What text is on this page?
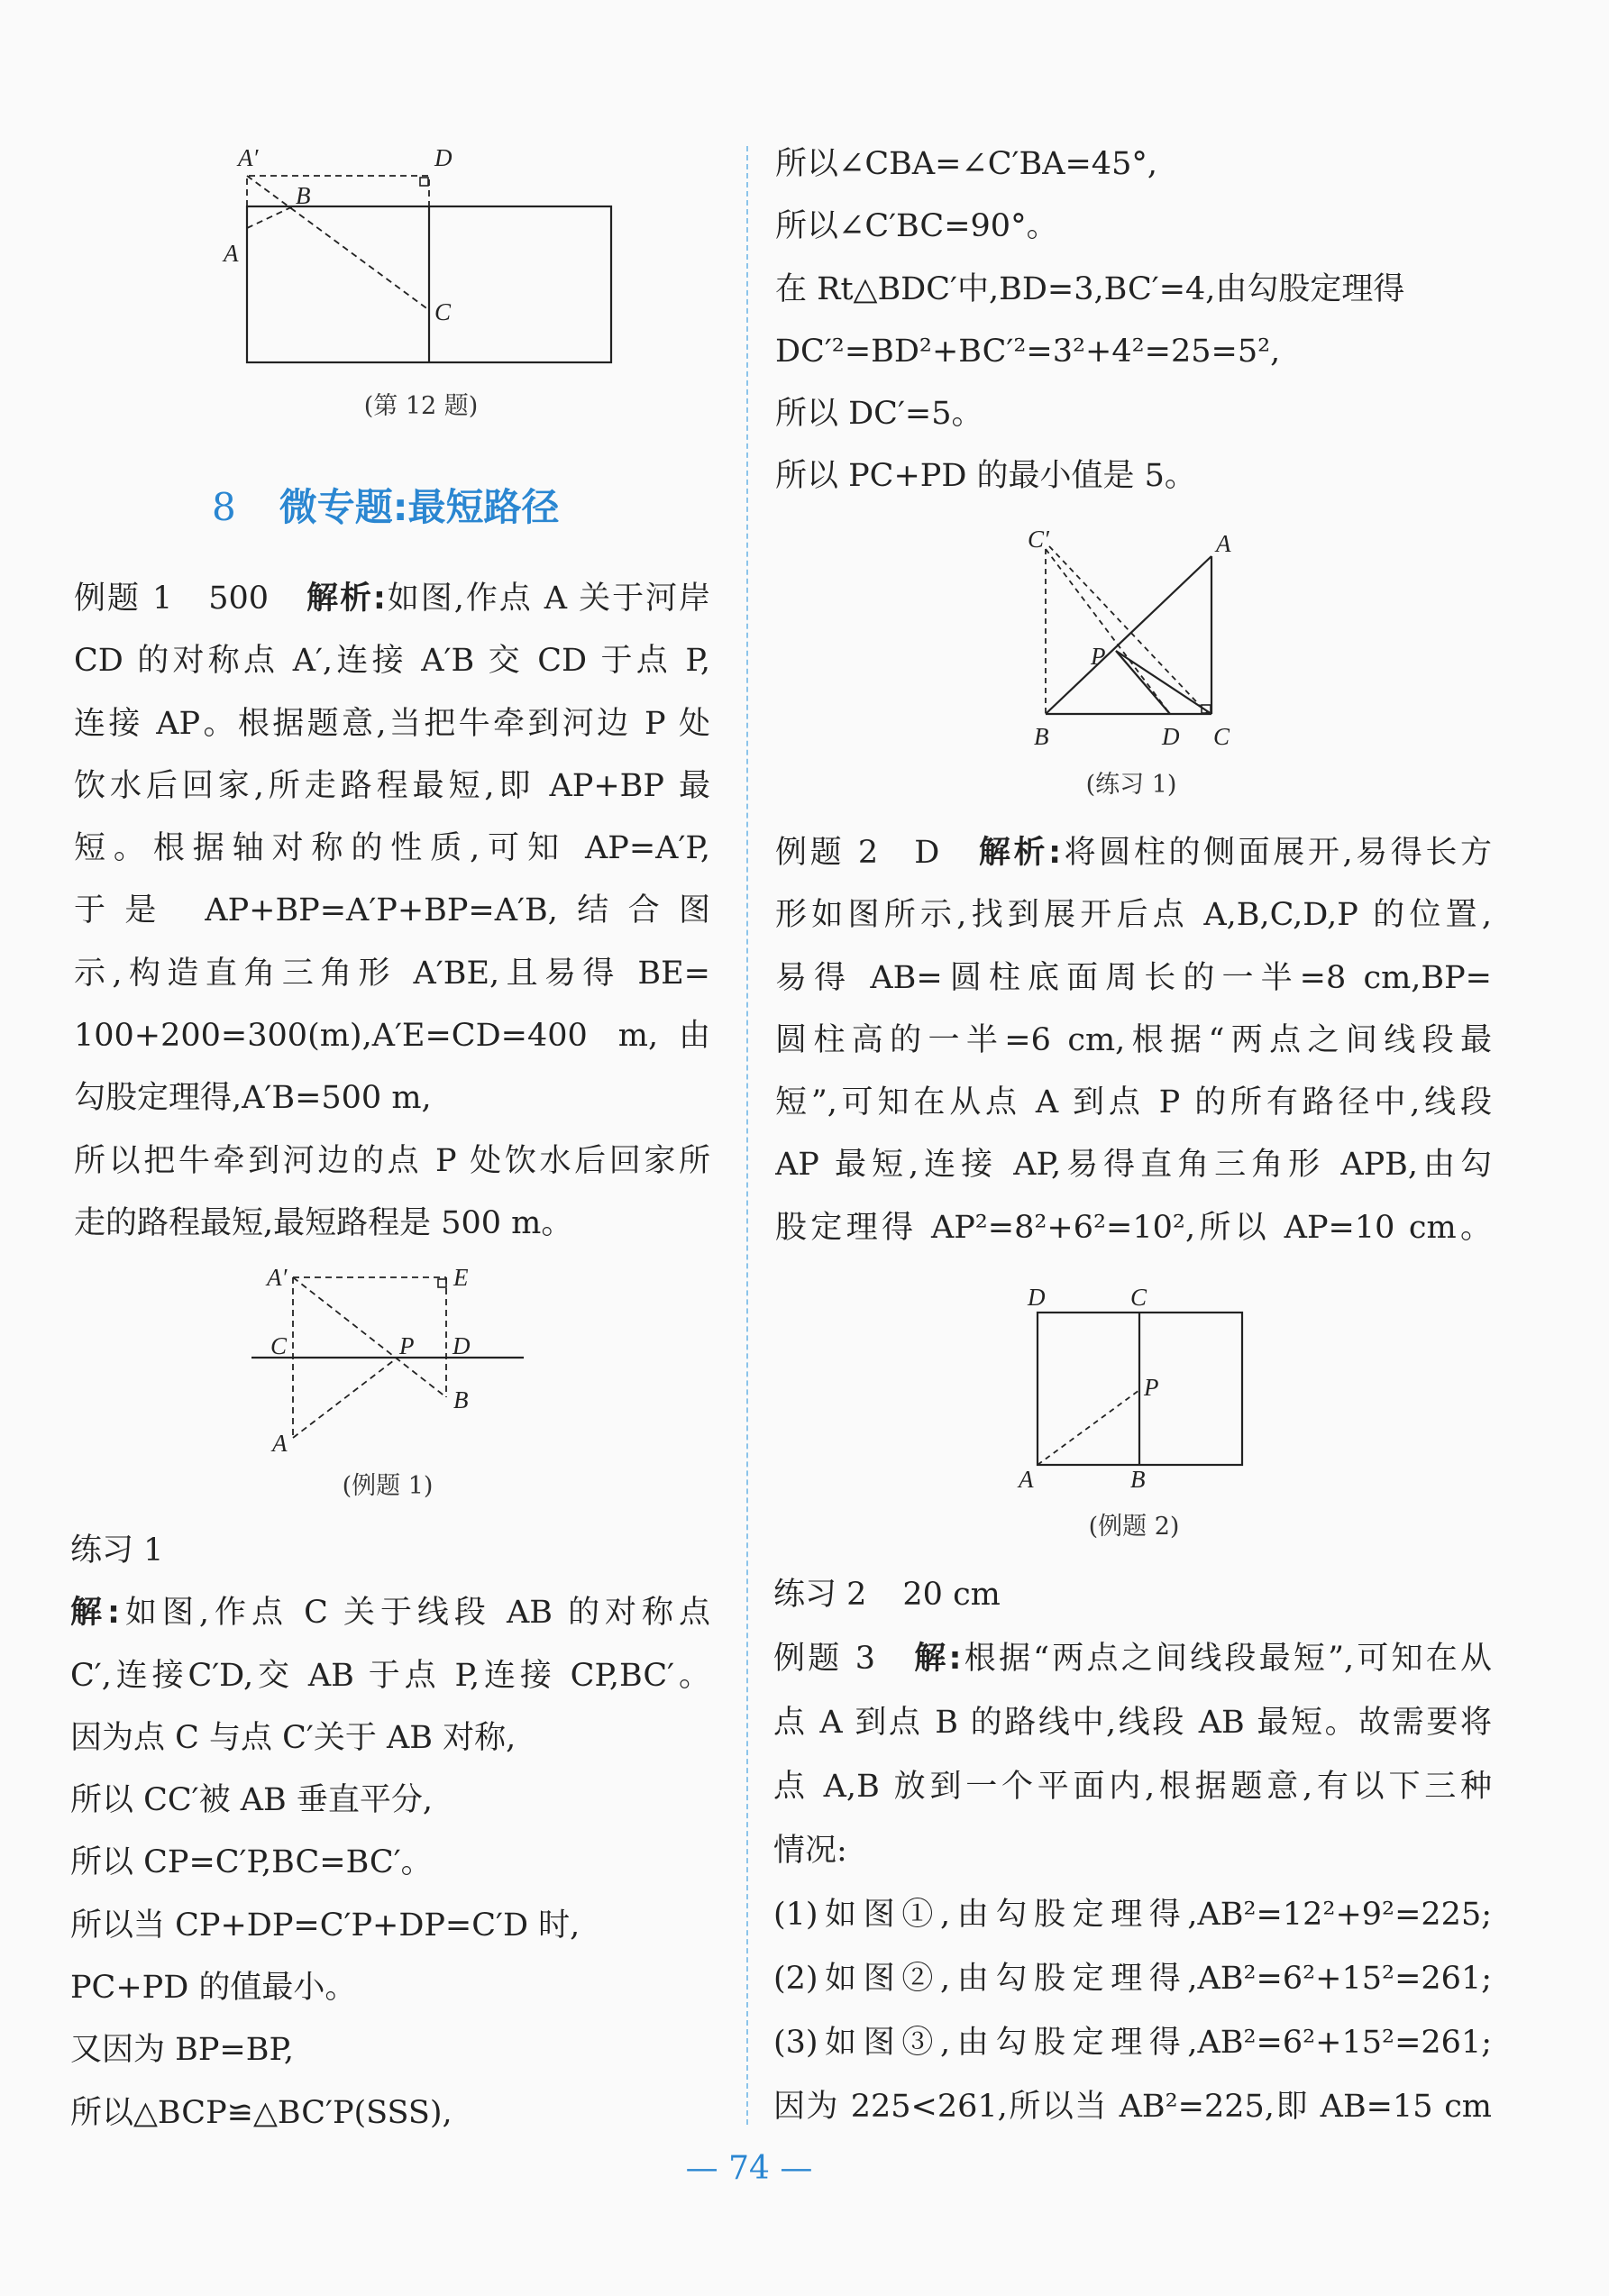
A′	D
B
A
C
(第 12 题)
8 微专题:最短路径
例题 1 500 解析:如图,作点 A 关于河岸
CD 的对称点 A′,连接 A′B 交 CD 于点 P,
连接 AP。根据题意,当把牛牵到河边 P 处
饮水后回家,所走路程最短,即 AP+BP 最
短。根据轴对称的性质,可知 AP=A′P,
于是 AP+BP=A′P+BP=A′B,结合图
示,构造直角三角形 A′BE,且易得 BE=
100+200=300(m),A′E=CD=400 m,由
勾股定理得,A′B=500 m,
所以把牛牵到河边的点 P 处饮水后回家所
走的路程最短,最短路程是 500 m。
A′	E
C	P D
B
A
(例题 1)
练习 1
解:如图,作点 C 关于线段 AB 的对称点
C′,连接C′D,交 AB 于点 P,连接 CP,BC′。
因为点 C 与点 C′关于 AB 对称,
所以 CC′被 AB 垂直平分,
所以 CP=C′P,BC=BC′。
所以当 CP+DP=C′P+DP=C′D 时,
PC+PD 的值最小。
又因为 BP=BP,
所以△BCP≌△BC′P(SSS),
所以∠CBA=∠C′BA=45°,
所以∠C′BC=90°。
在 Rt△BDC′中,BD=3,BC′=4,由勾股定理得
DC′²=BD²+BC′²=3²+4²=25=5²,
所以 DC′=5。
所以 PC+PD 的最小值是 5。
C′	A
P
B	D C
(练习 1)
例题 2 D 解析:将圆柱的侧面展开,易得长方
形如图所示,找到展开后点 A,B,C,D,P 的位置,
易得 AB=圆柱底面周长的一半=8 cm,BP=
圆柱高的一半=6 cm,根据“两点之间线段最
短”,可知在从点 A 到点 P 的所有路径中,线段
AP 最短,连接 AP,易得直角三角形 APB,由勾
股定理得 AP²=8²+6²=10²,所以 AP=10 cm。
D	C
P
A	B
(例题 2)
练习 2 20 cm
例题 3 解:根据“两点之间线段最短”,可知在从
点 A 到点 B 的路线中,线段 AB 最短。故需要将
点 A,B 放到一个平面内,根据题意,有以下三种
情况:
(1)如图①,由勾股定理得,AB²=12²+9²=225;
(2)如图②,由勾股定理得,AB²=6²+15²=261;
(3)如图③,由勾股定理得,AB²=6²+15²=261;
因为 225<261,所以当 AB²=225,即 AB=15 cm
— 74 —
